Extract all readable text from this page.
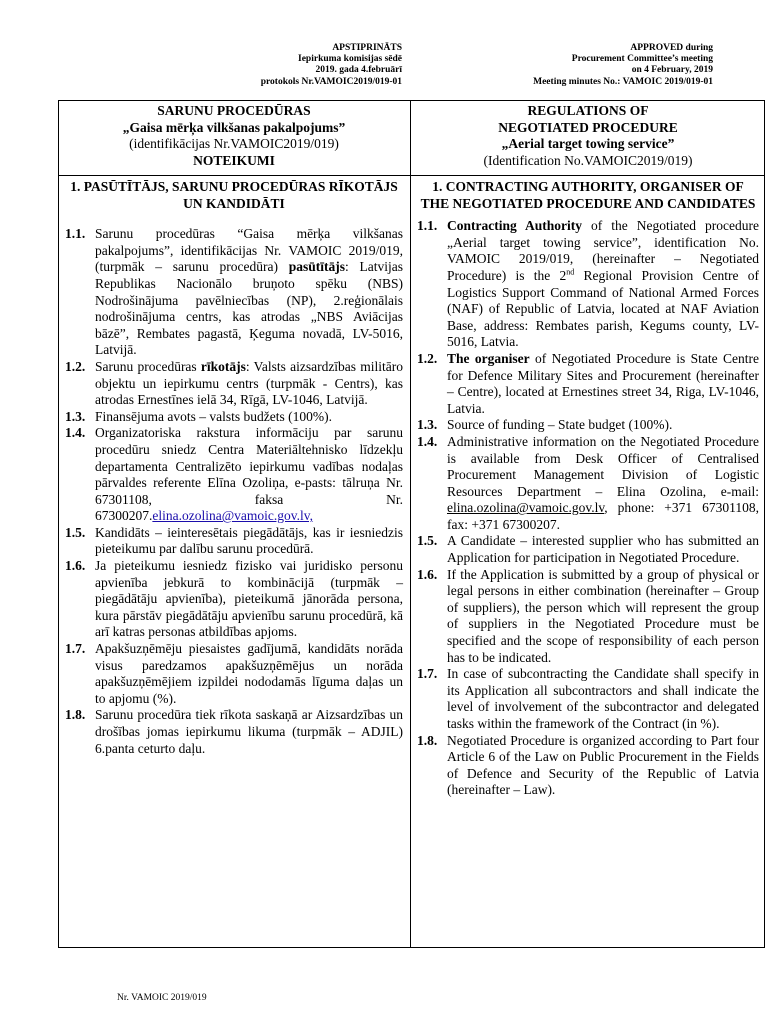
APSTIPRINĀTS
Iepirkuma komisijas sēdē
2019. gada 4.februārī
protokols Nr.VAMOIC2019/019-01
APPROVED during
Procurement Committee’s meeting
on 4 February, 2019
Meeting minutes No.: VAMOIC 2019/019-01
SARUNU PROCEDŪRAS
„Gaisa mērķa vilkšanas pakalpojums”
(identifikācijas Nr.VAMOIC2019/019)
NOTEIKUMI
1. PASŪTĪTĀJS, SARUNU PROCEDŪRAS RĪKOTĀJS UN KANDIDĀTI
1.1. Sarunu procedūras “Gaisa mērķa vilkšanas pakalpojums”, identifikācijas Nr. VAMOIC 2019/019, (turpmāk – sarunu procedūra) pasūtītājs: Latvijas Republikas Nacionālo bruņoto spēku (NBS) Nodrošinājuma pavēlniecības (NP), 2.reģionālais nodrošinājuma centrs, kas atrodas „NBS Aviācijas bāzē”, Rembates pagastā, Ķeguma novadā, LV-5016, Latvijā.
1.2. Sarunu procedūras rīkotājs: Valsts aizsardzības militāro objektu un iepirkumu centrs (turpmāk - Centrs), kas atrodas Ernestīnes ielā 34, Rīgā, LV-1046, Latvijā.
1.3. Finansējuma avots – valsts budžets (100%).
1.4. Organizatoriska rakstura informāciju par sarunu procedūru sniedz Centra Materiāltehnisko līdzekļu departamenta Centralizēto iepirkumu vadības nodaļas pārvaldes referente Elīna Ozoliņa, e-pasts: tālruņa Nr. 67301108, faksa Nr. 67300207.elina.ozolina@vamoic.gov.lv,
1.5. Kandidāts – ieinteresētais piegādātājs, kas ir iesniedzis pieteikumu par dalību sarunu procedūrā.
1.6. Ja pieteikumu iesniedz fizisko vai juridisko personu apvienība jebkurā to kombinācijā (turpmāk – piegādātāju apvienība), pieteikumā jānorāda persona, kura pārstāv piegādātāju apvienību sarunu procedūrā, kā arī katras personas atbildības apjoms.
1.7. Apakšuzņēmēju piesaistes gadījumā, kandidāts norāda visus paredzamos apakšuzņēmējus un norāda apakšuzņēmējiem izpildei nododamās līguma daļas un to apjomu (%).
1.8. Sarunu procedūra tiek rīkota saskaņā ar Aizsardzības un drošības jomas iepirkumu likuma (turpmāk – ADJIL) 6.panta ceturto daļu.
REGULATIONS OF
NEGOTIATED PROCEDURE
„Aerial target towing service”
(Identification No.VAMOIC2019/019)
1. CONTRACTING AUTHORITY, ORGANISER OF THE NEGOTIATED PROCEDURE AND CANDIDATES
1.1. Contracting Authority of the Negotiated procedure „Aerial target towing service”, identification No. VAMOIC 2019/019, (hereinafter – Negotiated Procedure) is the 2nd Regional Provision Centre of Logistics Support Command of National Armed Forces (NAF) of Republic of Latvia, located at NAF Aviation Base, address: Rembates parish, Kegums county, LV-5016, Latvia.
1.2. The organiser of Negotiated Procedure is State Centre for Defence Military Sites and Procurement (hereinafter – Centre), located at Ernestines street 34, Riga, LV-1046, Latvia.
1.3. Source of funding – State budget (100%).
1.4. Administrative information on the Negotiated Procedure is available from Desk Officer of Centralised Procurement Management Division of Logistic Resources Department – Elina Ozolina, e-mail: elina.ozolina@vamoic.gov.lv, phone: +371 67301108, fax: +371 67300207.
1.5. A Candidate – interested supplier who has submitted an Application for participation in Negotiated Procedure.
1.6. If the Application is submitted by a group of physical or legal persons in either combination (hereinafter – Group of suppliers), the person which will represent the group of suppliers in the Negotiated Procedure must be specified and the scope of responsibility of each person has to be indicated.
1.7. In case of subcontracting the Candidate shall specify in its Application all subcontractors and shall indicate the level of involvement of the subcontractor and delegated tasks within the framework of the Contract (in %).
1.8. Negotiated Procedure is organized according to Part four Article 6 of the Law on Public Procurement in the Fields of Defence and Security of the Republic of Latvia (hereinafter – Law).
Nr. VAMOIC 2019/019
